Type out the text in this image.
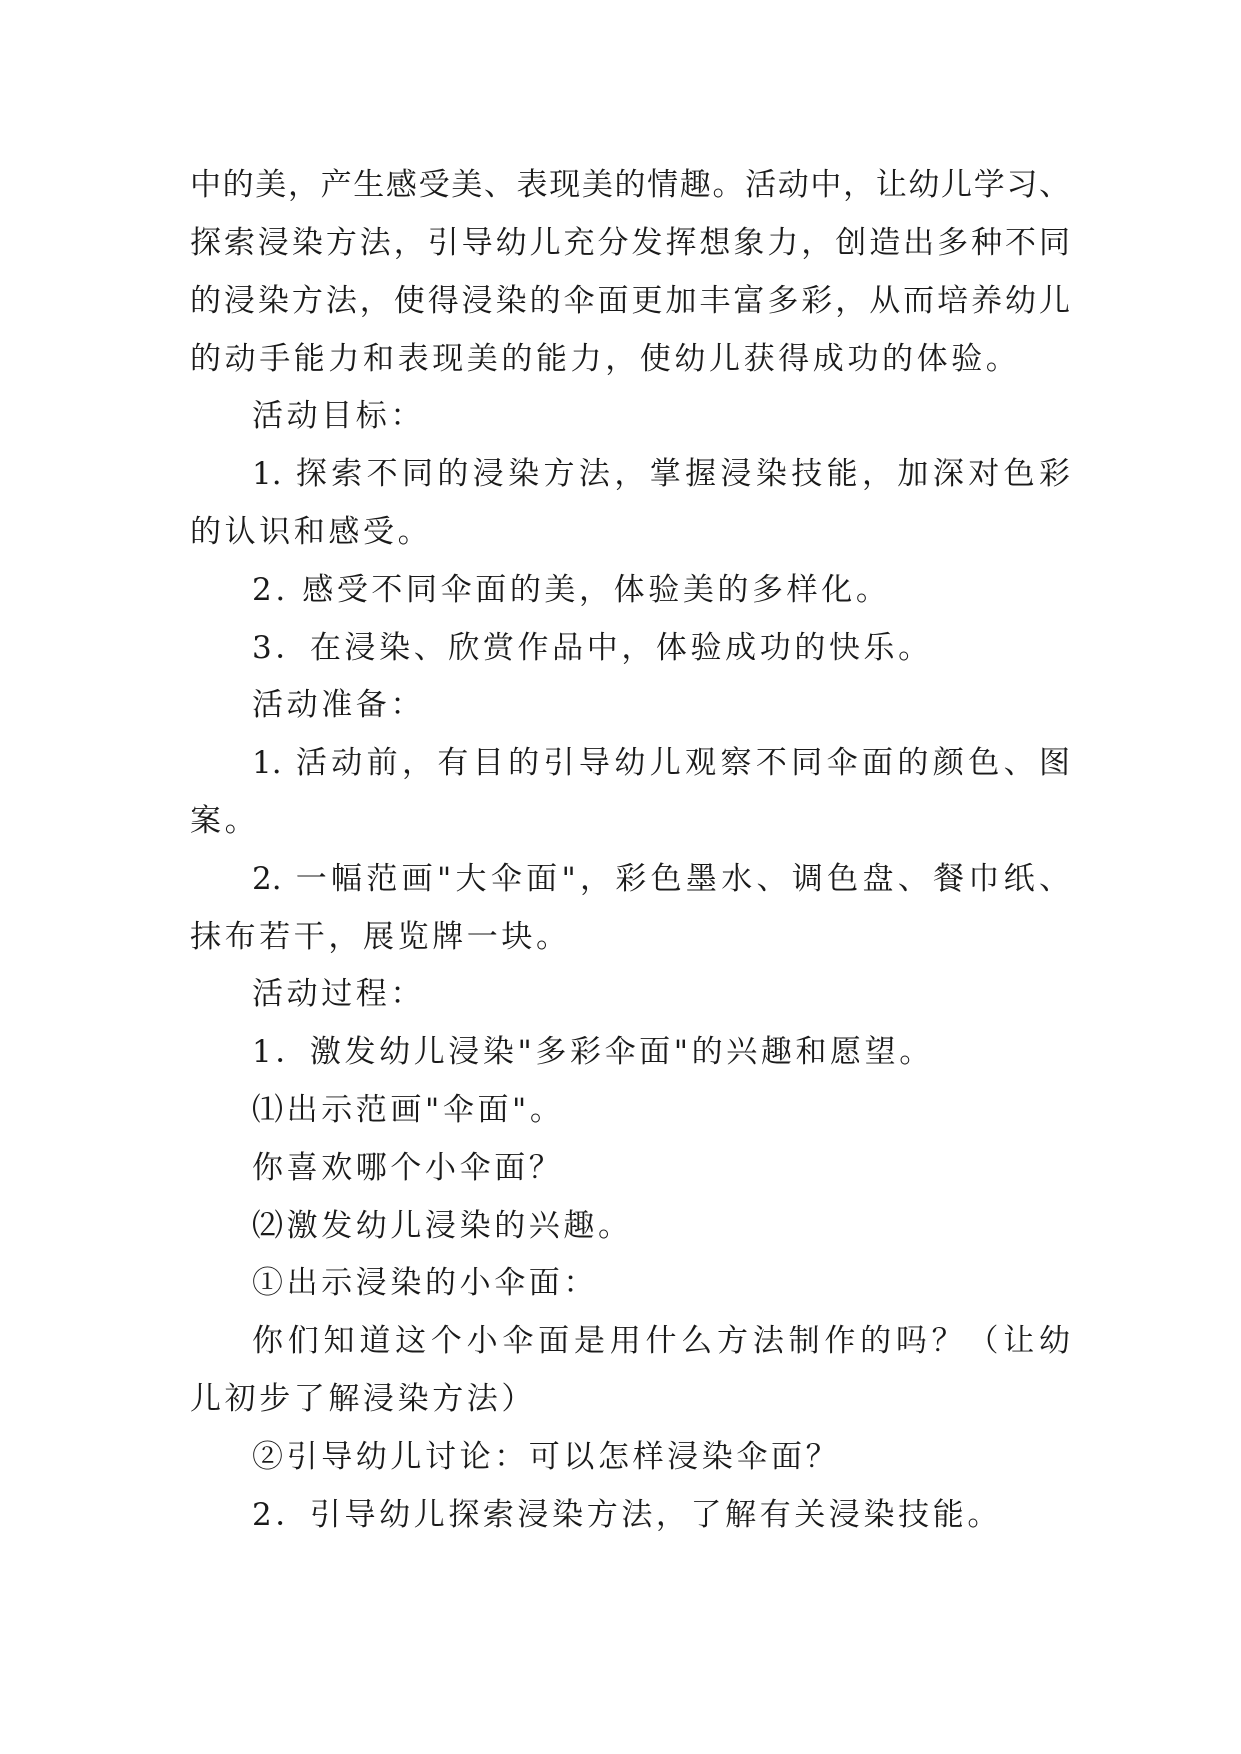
中的美，产生感受美、表现美的情趣。活动中，让幼儿学习、
探索浸染方法，引导幼儿充分发挥想象力，创造出多种不同
的浸染方法，使得浸染的伞面更加丰富多彩，从而培养幼儿
的动手能力和表现美的能力，使幼儿获得成功的体验。
活动目标：
1. 探索不同的浸染方法，掌握浸染技能，加深对色彩
的认识和感受。
2. 感受不同伞面的美，体验美的多样化。
3．在浸染、欣赏作品中，体验成功的快乐。
活动准备：
1. 活动前，有目的引导幼儿观察不同伞面的颜色、图
案。
2. 一幅范画"大伞面"，彩色墨水、调色盘、餐巾纸、
抹布若干，展览牌一块。
活动过程：
1．激发幼儿浸染"多彩伞面"的兴趣和愿望。
⑴出示范画"伞面"。
你喜欢哪个小伞面？
⑵激发幼儿浸染的兴趣。
①出示浸染的小伞面：
你们知道这个小伞面是用什么方法制作的吗？（让幼
儿初步了解浸染方法）
②引导幼儿讨论：可以怎样浸染伞面？
2．引导幼儿探索浸染方法，了解有关浸染技能。
